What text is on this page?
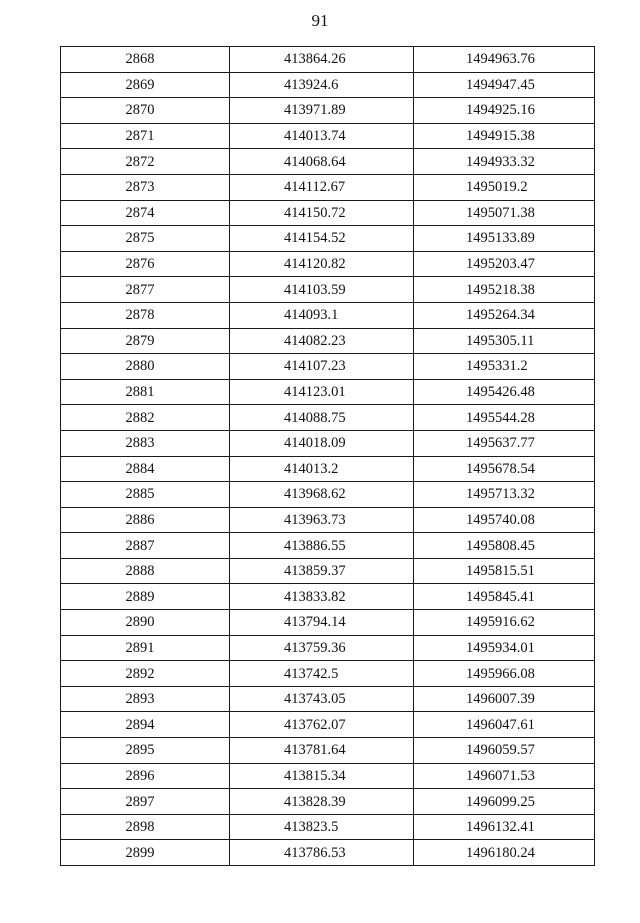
91
2868	413864.26	1494963.76
2869	413924.6	1494947.45
2870	413971.89	1494925.16
2871	414013.74	1494915.38
2872	414068.64	1494933.32
2873	414112.67	1495019.2
2874	414150.72	1495071.38
2875	414154.52	1495133.89
2876	414120.82	1495203.47
2877	414103.59	1495218.38
2878	414093.1	1495264.34
2879	414082.23	1495305.11
2880	414107.23	1495331.2
2881	414123.01	1495426.48
2882	414088.75	1495544.28
2883	414018.09	1495637.77
2884	414013.2	1495678.54
2885	413968.62	1495713.32
2886	413963.73	1495740.08
2887	413886.55	1495808.45
2888	413859.37	1495815.51
2889	413833.82	1495845.41
2890	413794.14	1495916.62
2891	413759.36	1495934.01
2892	413742.5	1495966.08
2893	413743.05	1496007.39
2894	413762.07	1496047.61
2895	413781.64	1496059.57
2896	413815.34	1496071.53
2897	413828.39	1496099.25
2898	413823.5	1496132.41
2899	413786.53	1496180.24
